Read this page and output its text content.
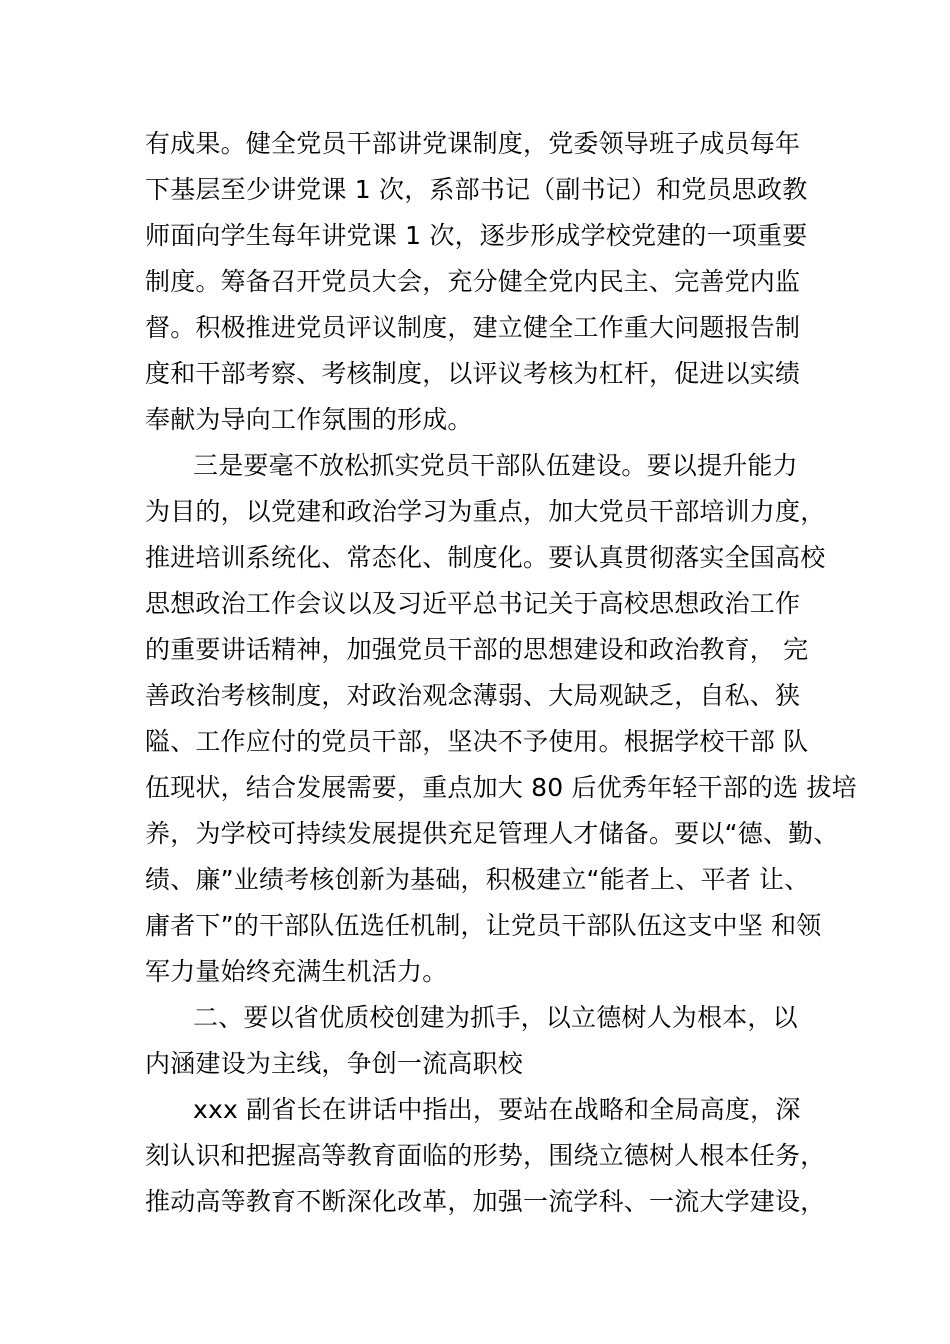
有成果。健全党员干部讲党课制度，党委领导班子成员每年
下基层至少讲党课 1 次，系部书记（副书记）和党员思政教
师面向学生每年讲党课 1 次，逐步形成学校党建的一项重要
制度。筹备召开党员大会，充分健全党内民主、完善党内监
督。积极推进党员评议制度，建立健全工作重大问题报告制
度和干部考察、考核制度，以评议考核为杠杆，促进以实绩
奉献为导向工作氛围的形成。
三是要毫不放松抓实党员干部队伍建设。要以提升能力
为目的，以党建和政治学习为重点，加大党员干部培训力度，
推进培训系统化、常态化、制度化。要认真贯彻落实全国高校
思想政治工作会议以及习近平总书记关于高校思想政治工作
的重要讲话精神，加强党员干部的思想建设和政治教育， 完
善政治考核制度，对政治观念薄弱、大局观缺乏，自私、狭
隘、工作应付的党员干部，坚决不予使用。根据学校干部 队
伍现状，结合发展需要，重点加大 80 后优秀年轻干部的选 拔培
养，为学校可持续发展提供充足管理人才储备。要以“德、勤、
绩、廉”业绩考核创新为基础，积极建立“能者上、平者 让、
庸者下”的干部队伍选任机制，让党员干部队伍这支中坚 和领
军力量始终充满生机活力。
二、要以省优质校创建为抓手，以立德树人为根本，以
内涵建设为主线，争创一流高职校
xxx 副省长在讲话中指出，要站在战略和全局高度，深
刻认识和把握高等教育面临的形势，围绕立德树人根本任务，
推动高等教育不断深化改革，加强一流学科、一流大学建设，
